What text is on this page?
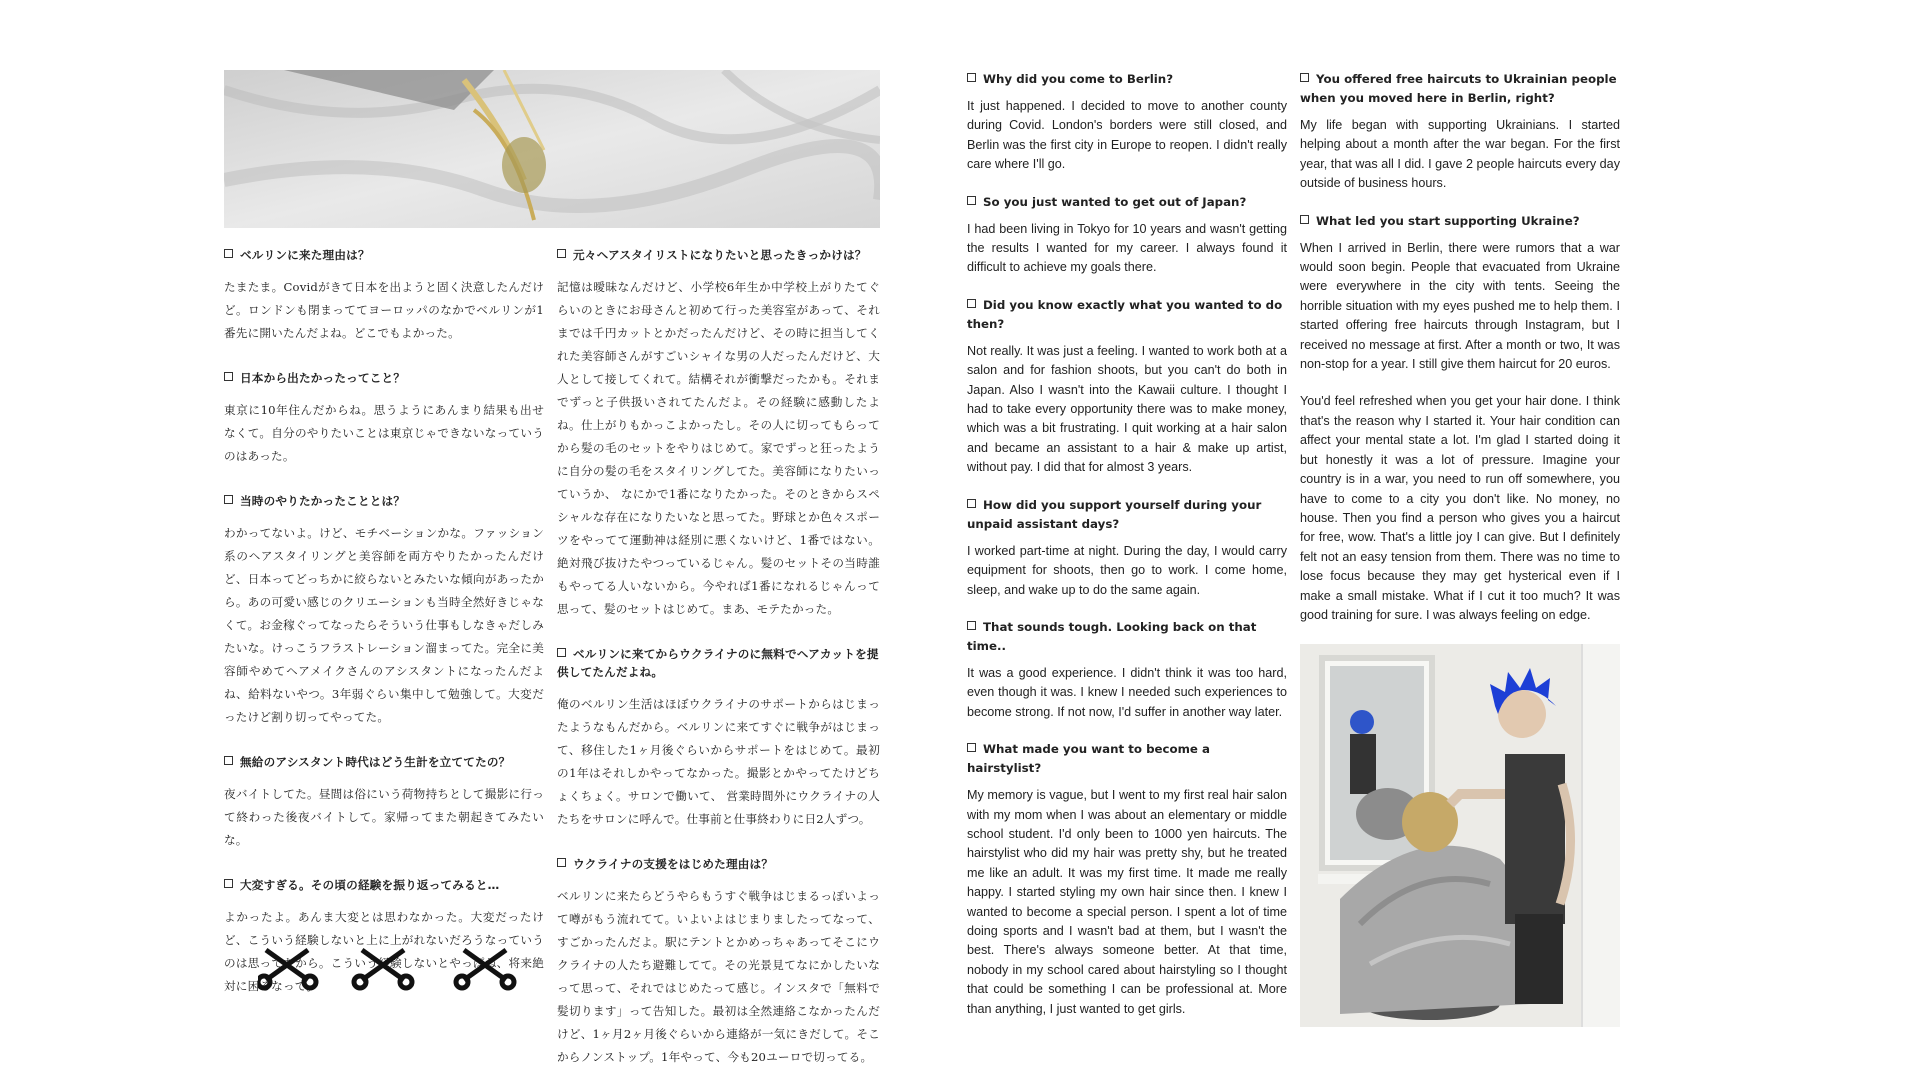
ベルリンに来た理由は？

たまたま。Covidがきて日本を出ようと固く決意したんだけど。ロンドンも閉まっててヨーロッパのなかでベルリンが1番先に開いたんだよね。どこでもよかった。

日本から出たかったってこと？

東京に10年住んだからね。思うようにあんまり結果も出せなくて。自分のやりたいことは東京じゃできないなっていうのはあった。

当時のやりたかったこととは？

わかってないよ。けど、モチベーションかな。ファッション系のヘアスタイリングと美容師を両方やりたかったんだけど、日本ってどっちかに絞らないとみたいな傾向があったから。あの可愛い感じのクリエーションも当時全然好きじゃなくて。お金稼ぐってなったらそういう仕事もしなきゃだしみたいな。けっこうフラストレーション溜まってた。完全に美容師やめてヘアメイクさんのアシスタントになったんだよね、給料ないやつ。3年弱ぐらい集中して勉強して。大変だったけど割り切ってやってた。

無給のアシスタント時代はどう生計を立ててたの？

夜バイトしてた。昼間は俗にいう荷物持ちとして撮影に行って終わった後夜バイトして。家帰ってまた朝起きてみたいな。

大変すぎる。その頃の経験を振り返ってみると…

よかったよ。あんま大変とは思わなかった。大変だったけど、こういう経験しないと上に上がれないだろうなっていうのは思ってたから。こういう経験しないとやっぱね、将来絶対に困るなって。

元々ヘアスタイリストになりたいと思ったきっかけは？

記憶は曖昧なんだけど、小学校6年生か中学校上がりたてぐらいのときにお母さんと初めて行った美容室があって、それまでは千円カットとかだったんだけど、その時に担当してくれた美容師さんがすごいシャイな男の人だったんだけど、大人として接してくれて。結構それが衝撃だったかも。それまでずっと子供扱いされてたんだよ。その経験に感動したよね。仕上がりもかっこよかったし。その人に切ってもらってから髪の毛のセットをやりはじめて。家でずっと狂ったように自分の髪の毛をスタイリングしてた。美容師になりたいっていうか、 なにかで1番になりたかった。そのときからスペシャルな存在になりたいなと思ってた。野球とか色々スポーツをやってて運動神は経別に悪くないけど、1番ではない。絶対飛び抜けたやつっているじゃん。髪のセットその当時誰もやってる人いないから。今やれば1番になれるじゃんって思って、髪のセットはじめて。まあ、モテたかった。

ベルリンに来てからウクライナのに無料でヘアカットを提供してたんだよね。

俺のベルリン生活はほぼウクライナのサポートからはじまったようなもんだから。ベルリンに来てすぐに戦争がはじまって、移住した1ヶ月後ぐらいからサポートをはじめて。最初の1年はそれしかやってなかった。撮影とかやってたけどちょくちょく。サロンで働いて、 営業時間外にウクライナの人たちをサロンに呼んで。仕事前と仕事終わりに日2人ずつ。

ウクライナの支援をはじめた理由は？

ベルリンに来たらどうやらもうすぐ戦争はじまるっぽいよって噂がもう流れてて。いよいよはじまりましたってなって、すごかったんだよ。駅にテントとかめっちゃあってそこにウクライナの人たち避難してて。その光景見てなにかしたいなって思って、それではじめたって感じ。インスタで「無料で髪切ります」って告知した。最初は全然連絡こなかったんだけど、1ヶ月2ヶ月後ぐらいから連絡が一気にきだして。そこからノンストップ。1年やって、今も20ユーロで切ってる。

Why did you come to Berlin?

It just happened. I decided to move to another county during Covid. London's borders were still closed, and Berlin was the first city in Europe to reopen. I didn't really care where I'll go.

So you just wanted to get out of Japan?

I had been living in Tokyo for 10 years and wasn't getting the results I wanted for my career. I always found it difficult to achieve my goals there.

Did you know exactly what you wanted to do then?

Not really. It was just a feeling. I wanted to work both at a salon and for fashion shoots, but you can't do both in Japan. Also I wasn't into the Kawaii culture. I thought I had to take every opportunity there was to make money, which was a bit frustrating. I quit working at a hair salon and became an assistant to a hair & make up artist, without pay. I did that for almost 3 years.

How did you support yourself during your unpaid assistant days?

I worked part-time at night. During the day, I would carry equipment for shoots, then go to work. I come home, sleep, and wake up to do the same again.

That sounds tough. Looking back on that time..

It was a good experience. I didn't think it was too hard, even though it was. I knew I needed such experiences to become strong. If not now, I'd suffer in another way later.

What made you want to become a hairstylist?

My memory is vague, but I went to my first real hair salon with my mom when I was about an elementary or middle school student. I'd only been to 1000 yen haircuts. The hairstylist who did my hair was pretty shy, but he treated me like an adult. It was my first time. It made me really happy. I started styling my own hair since then. I knew I wanted to become a special person. I spent a lot of time doing sports and I wasn't bad at them, but I wasn't the best. There's always someone better. At that time, nobody in my school cared about hairstyling so I thought that could be something I can be professional at. More than anything, I just wanted to get girls.

You offered free haircuts to Ukrainian people when you moved here in Berlin, right?

My life began with supporting Ukrainians. I started helping about a month after the war began. For the first year, that was all I did. I gave 2 people haircuts every day outside of business hours.

What led you start supporting Ukraine?

When I arrived in Berlin, there were rumors that a war would soon begin. People that evacuated from Ukraine were everywhere in the city with tents. Seeing the horrible situation with my eyes pushed me to help them. I started offering free haircuts through Instagram, but I received no message at first. After a month or two, It was non-stop for a year. I still give them haircut for 20 euros.

You'd feel refreshed when you get your hair done. I think that's the reason why I started it. Your hair condition can affect your mental state a lot. I'm glad I started doing it but honestly it was a lot of pressure. Imagine your country is in a war, you need to run off somewhere, you have to come to a city you don't like. No money, no house. Then you find a person who gives you a haircut for free, wow. That's a little joy I can give. But I definitely felt not an easy tension from them. There was no time to lose focus because they may get hysterical even if I make a small mistake. What if I cut it too much? It was good training for sure. I was always feeling on edge.
